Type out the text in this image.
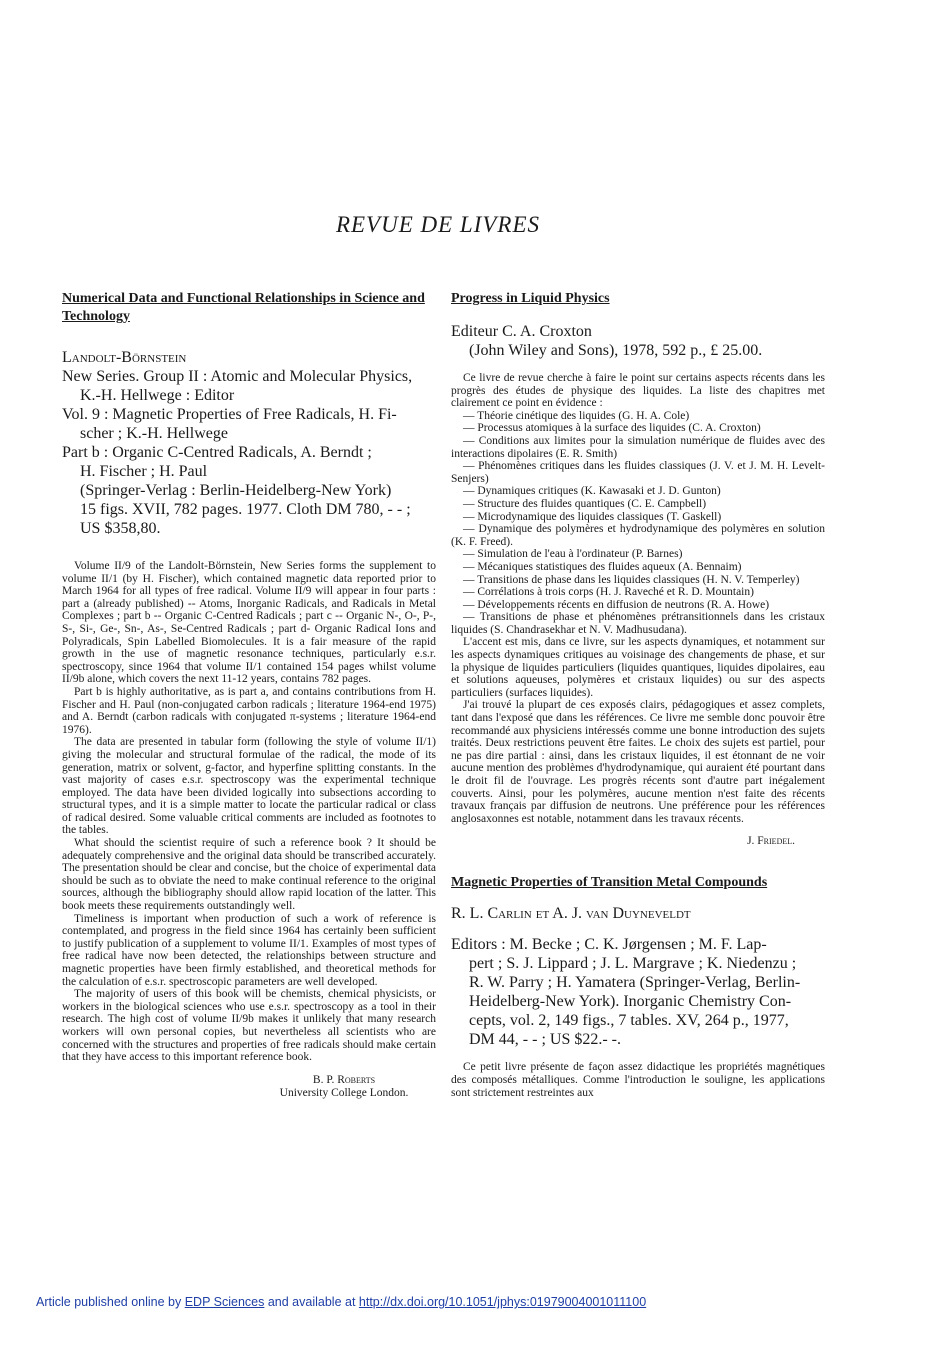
REVUE DE LIVRES
Numerical Data and Functional Relationships in Science and Technology
Landolt-Börnstein
New Series. Group II : Atomic and Molecular Physics,
K.-H. Hellwege : Editor
Vol. 9 : Magnetic Properties of Free Radicals, H. Fi-
scher ; K.-H. Hellwege
Part b : Organic C-Centred Radicals, A. Berndt ;
H. Fischer ; H. Paul
(Springer-Verlag : Berlin-Heidelberg-New York)
15 figs. XVII, 782 pages. 1977. Cloth DM 780, - - ;
US $358,80.

Volume II/9 of the Landolt-Börnstein, New Series forms the supplement to volume II/1 (by H. Fischer), which contained magnetic data reported prior to March 1964 for all types of free radical. Volume II/9 will appear in four parts : part a (already published) -- Atoms, Inorganic Radicals, and Radicals in Metal Complexes ; part b -- Organic C-Centred Radicals ; part c -- Organic N-, O-, P-, S-, Si-, Ge-, Sn-, As-, Se-Centred Radicals ; part d- Organic Radical Ions and Polyradicals, Spin Labelled Biomolecules. It is a fair measure of the rapid growth in the use of magnetic resonance techniques, particularly e.s.r. spectroscopy, since 1964 that volume II/1 contained 154 pages whilst volume II/9b alone, which covers the next 11-12 years, contains 782 pages.

Part b is highly authoritative, as is part a, and contains contributions from H. Fischer and H. Paul (non-conjugated carbon radicals ; literature 1964-end 1975) and A. Berndt (carbon radicals with conjugated π-systems ; literature 1964-end 1976).

The data are presented in tabular form (following the style of volume II/1) giving the molecular and structural formulae of the radical, the mode of its generation, matrix or solvent, g-factor, and hyperfine splitting constants. In the vast majority of cases e.s.r. spectroscopy was the experimental technique employed. The data have been divided logically into subsections according to structural types, and it is a simple matter to locate the particular radical or class of radical desired. Some valuable critical comments are included as footnotes to the tables.

What should the scientist require of such a reference book ? It should be adequately comprehensive and the original data should be transcribed accurately. The presentation should be clear and concise, but the choice of experimental data should be such as to obviate the need to make continual reference to the original sources, although the bibliography should allow rapid location of the latter. This book meets these requirements outstandingly well.

Timeliness is important when production of such a work of reference is contemplated, and progress in the field since 1964 has certainly been sufficient to justify publication of a supplement to volume II/1. Examples of most types of free radical have now been detected, the relationships between structure and magnetic properties have been firmly established, and theoretical methods for the calculation of e.s.r. spectroscopic parameters are well developed.

The majority of users of this book will be chemists, chemical physicists, or workers in the biological sciences who use e.s.r. spectroscopy as a tool in their research. The high cost of volume II/9b makes it unlikely that many research workers will own personal copies, but nevertheless all scientists who are concerned with the structures and properties of free radicals should make certain that they have access to this important reference book.

B. P. Roberts
University College London.
Progress in Liquid Physics
Editeur C. A. Croxton
(John Wiley and Sons), 1978, 592 p., £ 25.00.

Ce livre de revue cherche à faire le point sur certains aspects récents dans les progrès des études de physique des liquides. La liste des chapitres met clairement ce point en évidence :

— Théorie cinétique des liquides (G. H. A. Cole)
— Processus atomiques à la surface des liquides (C. A. Croxton)
— Conditions aux limites pour la simulation numérique de fluides avec des interactions dipolaires (E. R. Smith)
— Phénomènes critiques dans les fluides classiques (J. V. et J. M. H. Levelt-Senjers)
— Dynamiques critiques (K. Kawasaki et J. D. Gunton)
— Structure des fluides quantiques (C. E. Campbell)
— Microdynamique des liquides classiques (T. Gaskell)
— Dynamique des polymères et hydrodynamique des polymères en solution (K. F. Freed).
— Simulation de l'eau à l'ordinateur (P. Barnes)
— Mécaniques statistiques des fluides aqueux (A. Bennaim)
— Transitions de phase dans les liquides classiques (H. N. V. Temperley)
— Corrélations à trois corps (H. J. Raveché et R. D. Mountain)
— Développements récents en diffusion de neutrons (R. A. Howe)
— Transitions de phase et phénomènes prétransitionnels dans les cristaux liquides (S. Chandrasekhar et N. V. Madhusudana).

L'accent est mis, dans ce livre, sur les aspects dynamiques, et notamment sur les aspects dynamiques critiques au voisinage des changements de phase, et sur la physique de liquides particuliers (liquides quantiques, liquides dipolaires, eau et solutions aqueuses, polymères et cristaux liquides) ou sur des aspects particuliers (surfaces liquides).

J'ai trouvé la plupart de ces exposés clairs, pédagogiques et assez complets, tant dans l'exposé que dans les références. Ce livre me semble donc pouvoir être recommandé aux physiciens intéressés comme une bonne introduction des sujets traités. Deux restrictions peuvent être faites. Le choix des sujets est partiel, pour ne pas dire partial : ainsi, dans les cristaux liquides, il est étonnant de ne voir aucune mention des problèmes d'hydrodynamique, qui auraient été pourtant dans le droit fil de l'ouvrage. Les progrès récents sont d'autre part inégalement couverts. Ainsi, pour les polymères, aucune mention n'est faite des récents travaux français par diffusion de neutrons. Une préférence pour les références anglosaxonnes est notable, notamment dans les travaux récents.

J. Friedel.
Magnetic Properties of Transition Metal Compounds
R. L. Carlin et A. J. van Duyneveldt
Editors : M. Becke ; C. K. Jørgensen ; M. F. Lap-
pert ; S. J. Lippard ; J. L. Margrave ; K. Niedenzu ;
R. W. Parry ; H. Yamatera (Springer-Verlag, Berlin-
Heidelberg-New York). Inorganic Chemistry Con-
cepts, vol. 2, 149 figs., 7 tables. XV, 264 p., 1977,
DM 44, - - ; US $22.- -.

Ce petit livre présente de façon assez didactique les propriétés magnétiques des composés métalliques. Comme l'introduction le souligne, les applications sont strictement restreintes aux

Article published online by EDP Sciences and available at http://dx.doi.org/10.1051/jphys:01979004001011100
